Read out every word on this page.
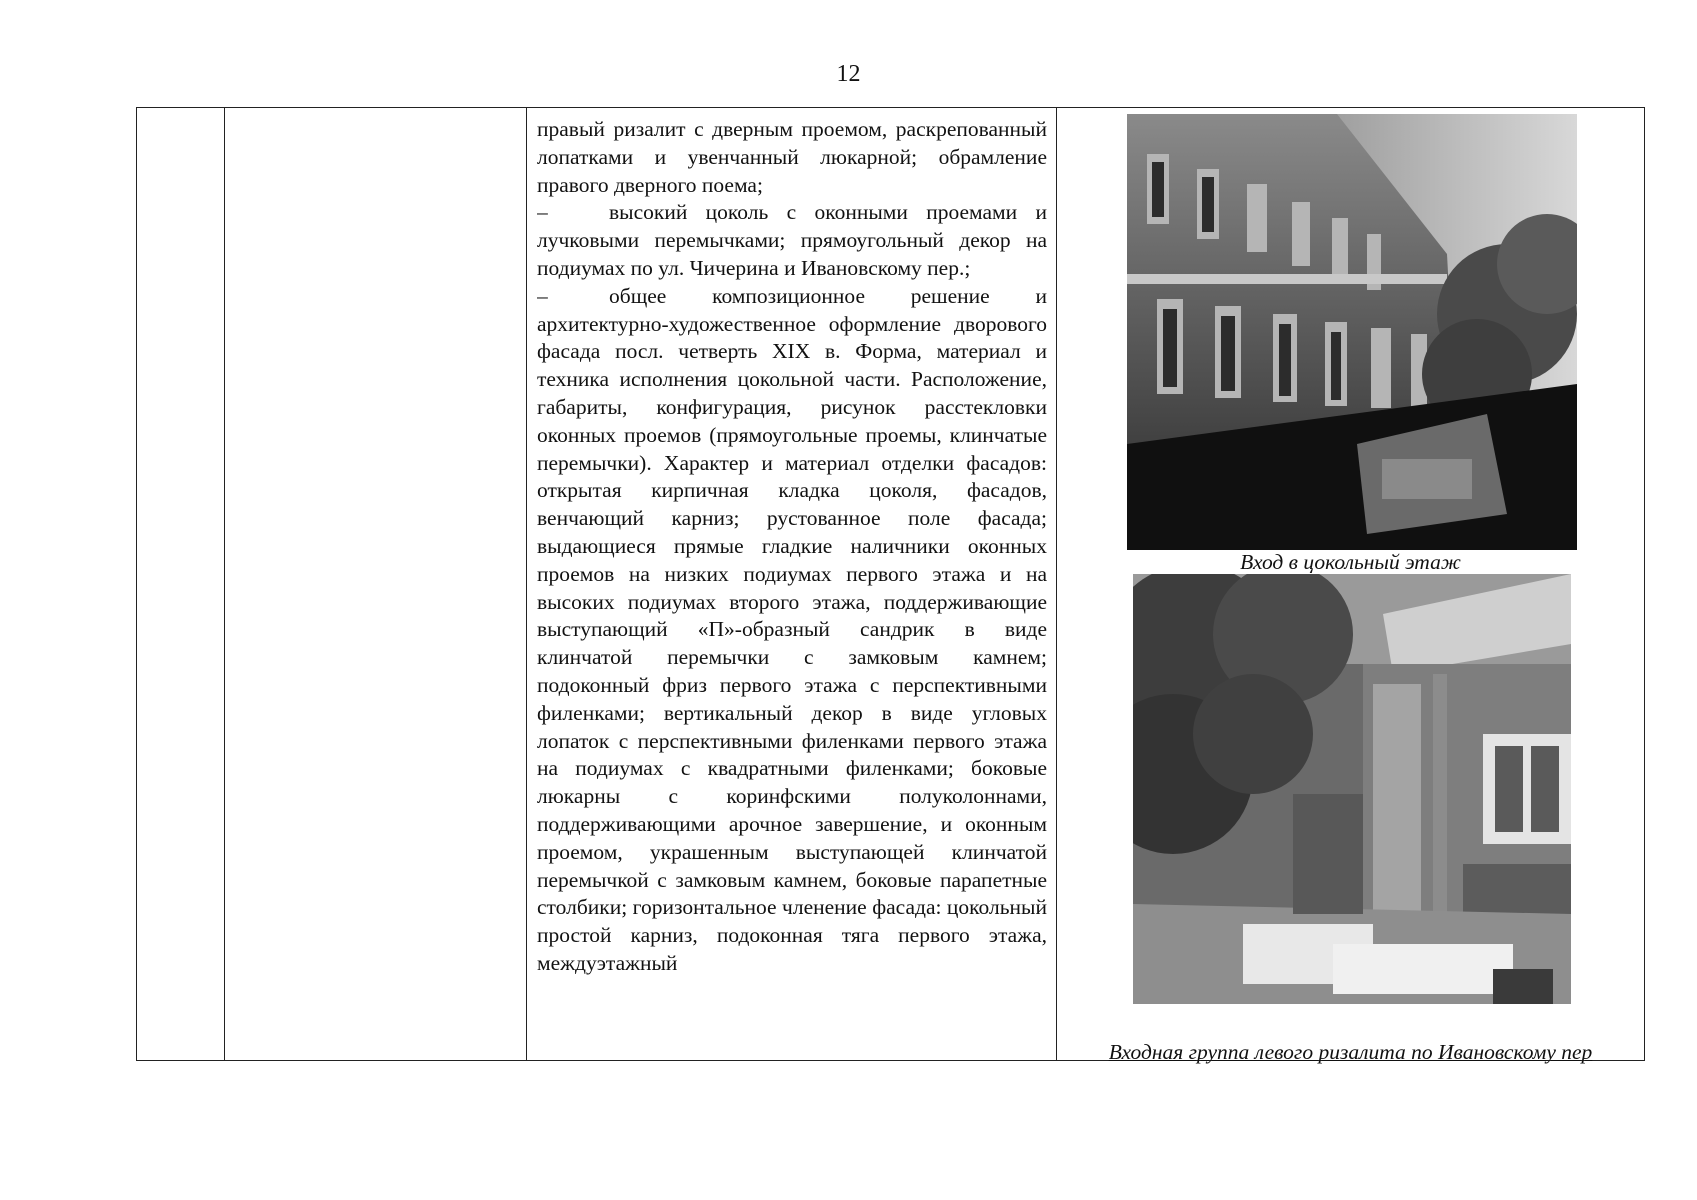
12

правый ризалит с дверным проемом, раскрепованный лопатками и увенчанный люкарной; обрамление правого дверного поема;

–	высокий цоколь с оконными проемами и лучковыми перемычками; прямоугольный декор на подиумах по ул. Чичерина и Ивановскому пер.;

–	общее композиционное решение и архитектурно-художественное оформление дворового фасада посл. четверть XIX в. Форма, материал и техника исполнения цокольной части. Расположение, габариты, конфигурация, рисунок расстекловки оконных проемов (прямоугольные проемы, клинчатые перемычки). Характер и материал отделки фасадов: открытая кирпичная кладка цоколя, фасадов, венчающий карниз; рустованное поле фасада; выдающиеся прямые гладкие наличники оконных проемов на низких подиумах первого этажа и на высоких подиумах второго этажа, поддерживающие выступающий «П»-образный сандрик в виде клинчатой перемычки с замковым камнем; подоконный фриз первого этажа с перспективными филенками; вертикальный декор в виде угловых лопаток с перспективными филенками первого этажа на подиумах с квадратными филенками; боковые люкарны с коринфскими полуколоннами, поддерживающими арочное завершение, и оконным проемом, украшенным выступающей клинчатой перемычкой с замковым камнем, боковые парапетные столбики; горизонтальное членение фасада: цокольный простой карниз, подоконная тяга первого этажа, междуэтажный

Вход в цокольный этаж
Входная группа левого ризалита по Ивановскому пер
